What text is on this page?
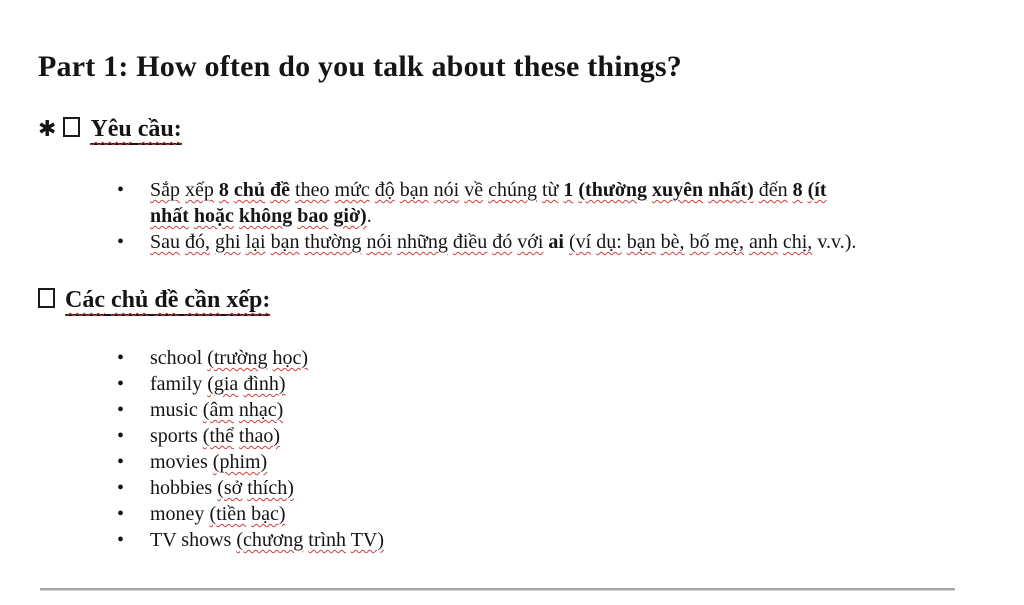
Part 1: How often do you talk about these things?
✱ Yêu cầu:
• Sắp xếp 8 chủ đề theo mức độ bạn nói về chúng từ 1 (thường xuyên nhất) đến 8 (ít
nhất hoặc không bao giờ).
• Sau đó, ghi lại bạn thường nói những điều đó với ai (ví dụ: bạn bè, bố mẹ, anh chị, v.v.).
Các chủ đề cần xếp:
• school (trường học)
• family (gia đình)
• music (âm nhạc)
• sports (thể thao)
• movies (phim)
• hobbies (sở thích)
• money (tiền bạc)
• TV shows (chương trình TV)
